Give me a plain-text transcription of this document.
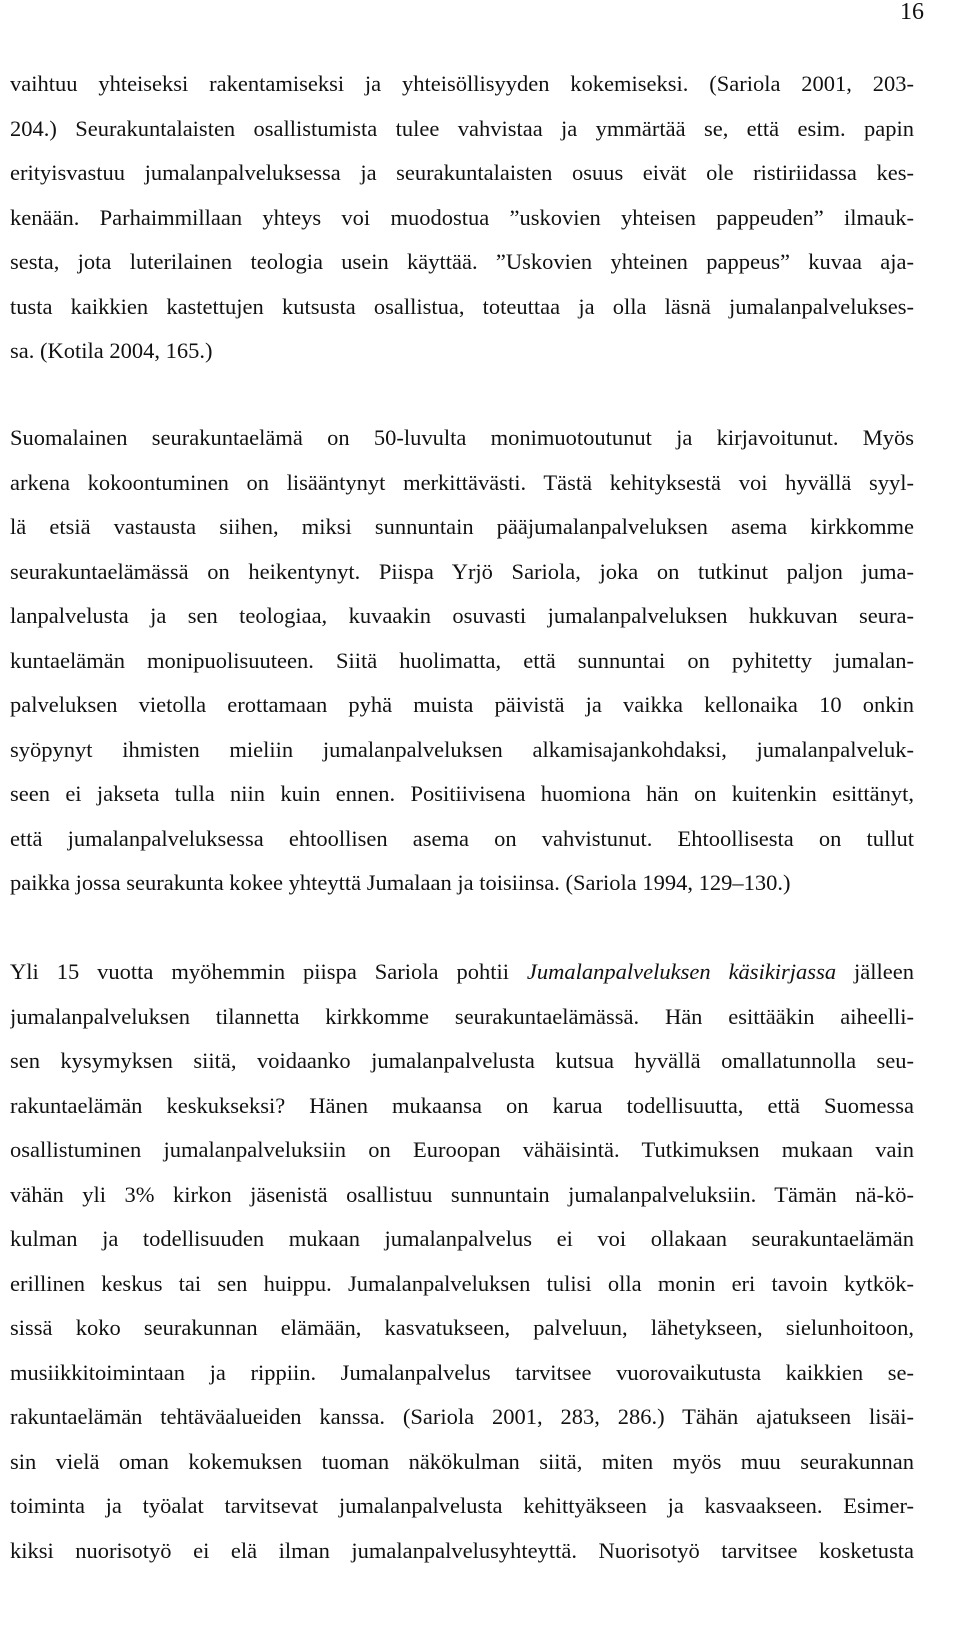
16
vaihtuu yhteiseksi rakentamiseksi ja yhteisöllisyyden kokemiseksi. (Sariola 2001, 203-
204.) Seurakuntalaisten osallistumista tulee vahvistaa ja ymmärtää se, että esim. papin
erityisvastuu jumalanpalveluksessa ja seurakuntalaisten osuus eivät ole ristiriidassa kes-
kenään. Parhaimmillaan yhteys voi muodostua ”uskovien yhteisen pappeuden” ilmauk-
sesta, jota luterilainen teologia usein käyttää. ”Uskovien yhteinen pappeus” kuvaa aja-
tusta kaikkien kastettujen kutsusta osallistua, toteuttaa ja olla läsnä jumalanpalvelukses-
sa. (Kotila 2004, 165.)
Suomalainen seurakuntaelämä on 50-luvulta monimuotoutunut ja kirjavoitunut. Myös
arkena kokoontuminen on lisääntynyt merkittävästi. Tästä kehityksestä voi hyvällä syyl-
lä etsiä vastausta siihen, miksi sunnuntain pääjumalanpalveluksen asema kirkkomme
seurakuntaelämässä on heikentynyt. Piispa Yrjö Sariola, joka on tutkinut paljon juma-
lanpalvelusta ja sen teologiaa, kuvaakin osuvasti jumalanpalveluksen hukkuvan seura-
kuntaelämän monipuolisuuteen. Siitä huolimatta, että sunnuntai on pyhitetty jumalan-
palveluksen vietolla erottamaan pyhä muista päivistä ja vaikka kellonaika 10 onkin
syöpynyt ihmisten mieliin jumalanpalveluksen alkamisajankohdaksi, jumalanpalveluk-
seen ei jakseta tulla niin kuin ennen. Positiivisena huomiona hän on kuitenkin esittänyt,
että jumalanpalveluksessa ehtoollisen asema on vahvistunut. Ehtoollisesta on tullut
paikka jossa seurakunta kokee yhteyttä Jumalaan ja toisiinsa. (Sariola 1994, 129–130.)
Yli 15 vuotta myöhemmin piispa Sariola pohtii Jumalanpalveluksen käsikirjassa jälleen
jumalanpalveluksen tilannetta kirkkomme seurakuntaelämässä. Hän esittääkin aiheelli-
sen kysymyksen siitä, voidaanko jumalanpalvelusta kutsua hyvällä omallatunnolla seu-
rakuntaelämän keskukseksi? Hänen mukaansa on karua todellisuutta, että Suomessa
osallistuminen jumalanpalveluksiin on Euroopan vähäisintä. Tutkimuksen mukaan vain
vähän yli 3% kirkon jäsenistä osallistuu sunnuntain jumalanpalveluksiin. Tämän nä-kö-
kulman ja todellisuuden mukaan jumalanpalvelus ei voi ollakaan seurakuntaelämän
erillinen keskus tai sen huippu. Jumalanpalveluksen tulisi olla monin eri tavoin kytkök-
sissä koko seurakunnan elämään, kasvatukseen, palveluun, lähetykseen, sielunhoitoon,
musiikkitoimintaan ja rippiin. Jumalanpalvelus tarvitsee vuorovaikutusta kaikkien se-
rakuntaelämän tehtäväalueiden kanssa. (Sariola 2001, 283, 286.) Tähän ajatukseen lisäi-
sin vielä oman kokemuksen tuoman näkökulman siitä, miten myös muu seurakunnan
toiminta ja työalat tarvitsevat jumalanpalvelusta kehittyäkseen ja kasvaakseen. Esimer-
kiksi nuorisotyö ei elä ilman jumalanpalvelusyhteyttä. Nuorisotyö tarvitsee kosketusta
